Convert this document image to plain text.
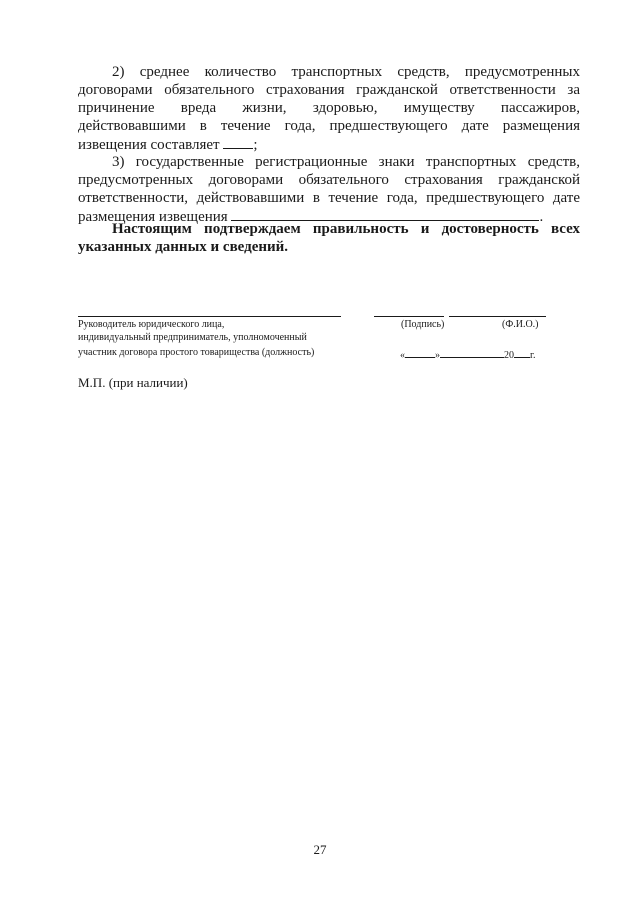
2) среднее количество транспортных средств, предусмотренных
договорами обязательного страхования гражданской ответственности за
причинение вреда жизни, здоровью, имуществу пассажиров,
действовавшими в течение года, предшествующего дате размещения
извещения составляет ;
3) государственные регистрационные знаки транспортных средств,
предусмотренных договорами обязательного страхования гражданской
ответственности, действовавшими в течение года, предшествующего дате
размещения извещения	.
Настоящим подтверждаем правильность и достоверность всех
указанных данных и сведений.
Руководитель юридического лица,
индивидуальный предприниматель, уполномоченный
участник договора простого товарищества (должность)
(Подпись)	(Ф.И.О.)
«	»	20 г.
М.П. (при наличии)
27
